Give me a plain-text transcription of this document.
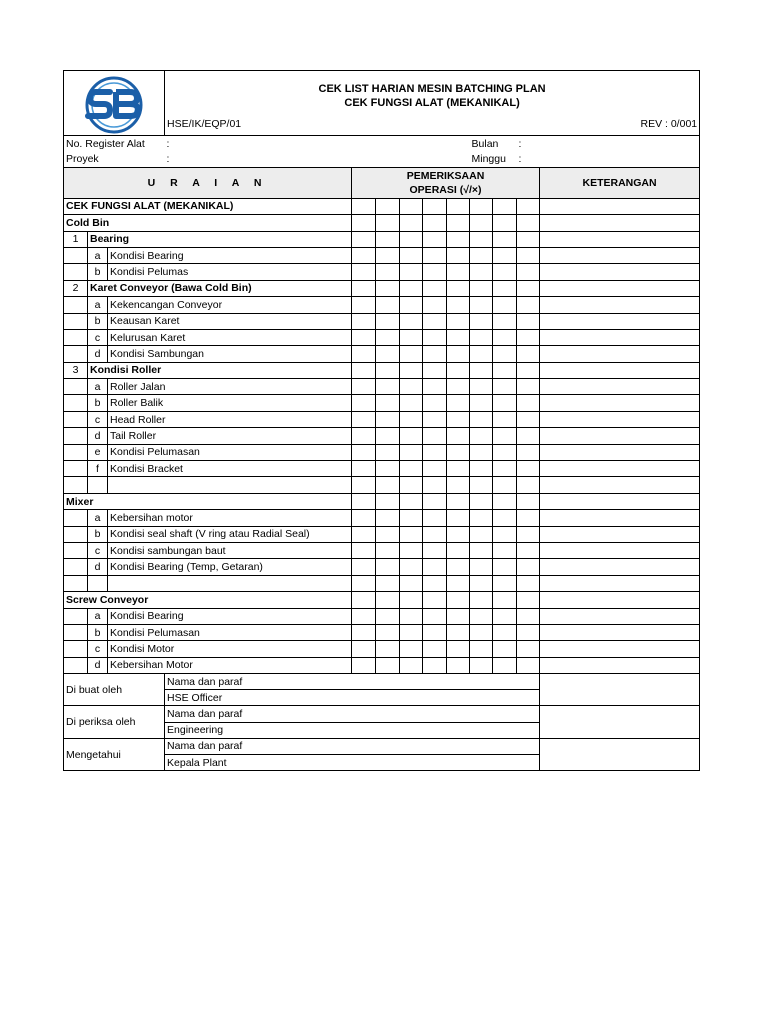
CEK LIST HARIAN MESIN BATCHING PLAN
CEK FUNGSI ALAT (MEKANIKAL)									

			HSE/IK/EQP/01 REV : 0/001									

No. Register Alat			:						Bulan		:	
Proyek			:						Minggu		:	
U R A I A N				PEMERIKSAAN
OPERASI (√/×)								KETERANGAN
CEK FUNGSI ALAT (MEKANIKAL)												
Cold Bin												
1	Bearing											
	a	Kondisi Bearing										
	b	Kondisi Pelumas										
2	Karet Conveyor (Bawa Cold Bin)											
	a	Kekencangan Conveyor										
	b	Keausan Karet										
	c	Kelurusan Karet										
	d	Kondisi Sambungan										
3	Kondisi Roller											
	a	Roller Jalan										
	b	Roller Balik										
	c	Head Roller										
	d	Tail Roller										
	e	Kondisi Pelumasan										
	f	Kondisi Bracket										

Mixer												
	a	Kebersihan motor										
	b	Kondisi seal shaft (V ring atau Radial Seal)										
	c	Kondisi sambungan baut										
	d	Kondisi Bearing (Temp, Getaran)										

Screw Conveyor												
	a	Kondisi Bearing										
	b	Kondisi Pelumasan										
	c	Kondisi Motor										
	d	Kebersihan Motor										
Di buat oleh			Nama dan paraf									
			HSE Officer									
Di periksa oleh			Nama dan paraf									
			Engineering									
Mengetahui			Nama dan paraf									
			Kepala Plant									
